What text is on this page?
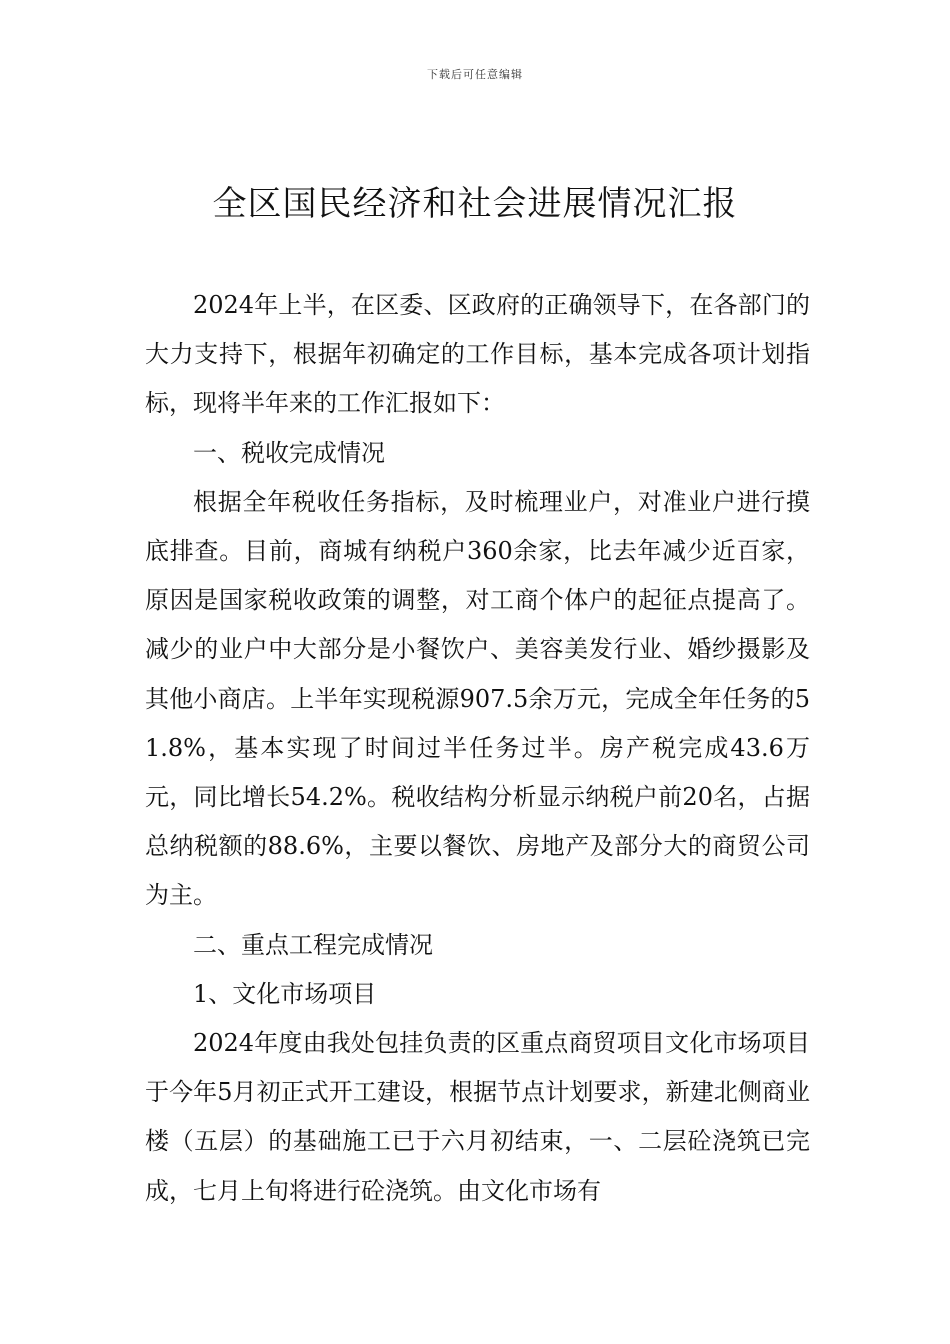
下载后可任意编辑
全区国民经济和社会进展情况汇报

2024年上半，在区委、区政府的正确领导下，在各部门的大力支持下，根据年初确定的工作目标，基本完成各项计划指标，现将半年来的工作汇报如下：

一、税收完成情况

根据全年税收任务指标，及时梳理业户，对准业户进行摸底排查。目前，商城有纳税户360余家，比去年减少近百家，原因是国家税收政策的调整，对工商个体户的起征点提高了。减少的业户中大部分是小餐饮户、美容美发行业、婚纱摄影及其他小商店。上半年实现税源907.5余万元，完成全年任务的51.8%，基本实现了时间过半任务过半。房产税完成43.6万元，同比增长54.2%。税收结构分析显示纳税户前20名，占据总纳税额的88.6%，主要以餐饮、房地产及部分大的商贸公司为主。

二、重点工程完成情况

1、文化市场项目

2024年度由我处包挂负责的区重点商贸项目文化市场项目于今年5月初正式开工建设，根据节点计划要求，新建北侧商业楼（五层）的基础施工已于六月初结束，一、二层砼浇筑已完成，七月上旬将进行砼浇筑。由文化市场有
